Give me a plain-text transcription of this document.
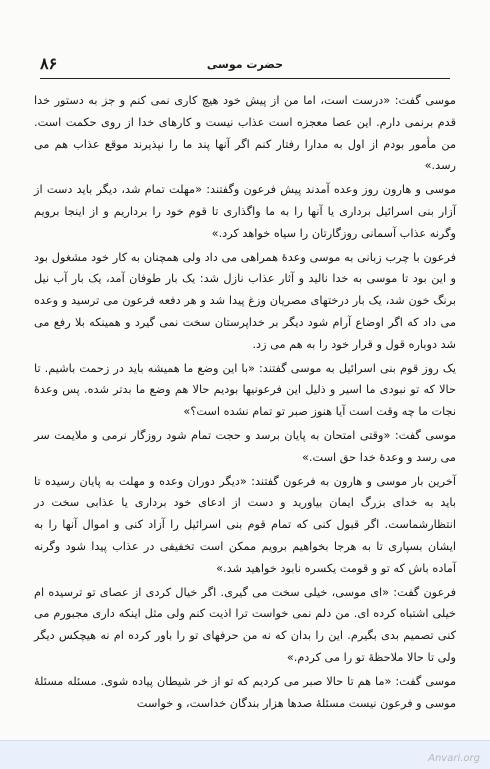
۸۶	حضرت موسی

موسی گفت: «درست است، اما من از پیش خود هیچ کاری نمی کنم و جز به دستور خدا قدم برنمی دارم. این عصا معجزه است عذاب نیست و کارهای خدا از روی حکمت است. من مأمور بودم از اول به مدارا رفتار کنم اگر آنها پند ما را نپذیرند موقع عذاب هم می رسد.»

موسی و هارون روز وعده آمدند پیش فرعون وگفتند: «مهلت تمام شد، دیگر باید دست از آزار بنی اسرائیل برداری یا آنها را به ما واگذاری تا قوم خود را برداریم و از اینجا برویم وگرنه عذاب آسمانی روزگارتان را سیاه خواهد کرد.»

فرعون با چرب زبانی به موسی وعدهٔ همراهی می داد ولی همچنان به کار خود مشغول بود و این بود تا موسی به خدا نالید و آثار عذاب نازل شد: یک بار طوفان آمد، یک بار آب نیل برنگ خون شد، یک بار درختهای مصریان وزغ پیدا شد و هر دفعه فرعون می ترسید و وعده می داد که اگر اوضاع آرام شود دیگر بر خداپرستان سخت نمی گیرد و همینکه بلا رفع می شد دوباره قول و قرار خود را به هم می زد.

یک روز قوم بنی اسرائیل به موسی گفتند: «با این وضع ما همیشه باید در زحمت باشیم. تا حالا که تو نبودی ما اسیر و ذلیل این فرعونیها بودیم حالا هم وضع ما بدتر شده. پس وعدهٔ نجات ما چه وقت است آیا هنوز صبر تو تمام نشده است؟»

موسی گفت: «وقتی امتحان به پایان برسد و حجت تمام شود روزگار نرمی و ملایمت سر می رسد و وعدهٔ خدا حق است.»

آخرین بار موسی و هارون به فرعون گفتند: «دیگر دوران وعده و مهلت به پایان رسیده تا باید به خدای بزرگ ایمان بیاورید و دست از ادعای خود برداری یا عذابی سخت در انتظارشماست. اگر قبول کنی که تمام قوم بنی اسرائیل را آزاد کنی و اموال آنها را به ایشان بسپاری تا به هرجا بخواهیم برویم ممکن است تخفیفی در عذاب پیدا شود وگرنه آماده باش که تو و قومت یکسره نابود خواهید شد.»

فرعون گفت: «ای موسی، خیلی سخت می گیری. اگر خیال کردی از عصای تو ترسیده ام خیلی اشتباه کرده ای. من دلم نمی خواست ترا اذیت کنم ولی مثل اینکه داری مجبورم می کنی تصمیم بدی بگیرم. این را بدان که نه من حرفهای تو را باور کرده ام نه هیچکس دیگر ولی تا حالا ملاحظهٔ تو را می کردم.»

موسی گفت: «ما هم تا حالا صبر می کردیم که تو از خر شیطان پیاده شوی. مسئله مسئلهٔ موسی و فرعون نیست مسئلهٔ صدها هزار بندگان خداست، و خواست

Anvari.org
